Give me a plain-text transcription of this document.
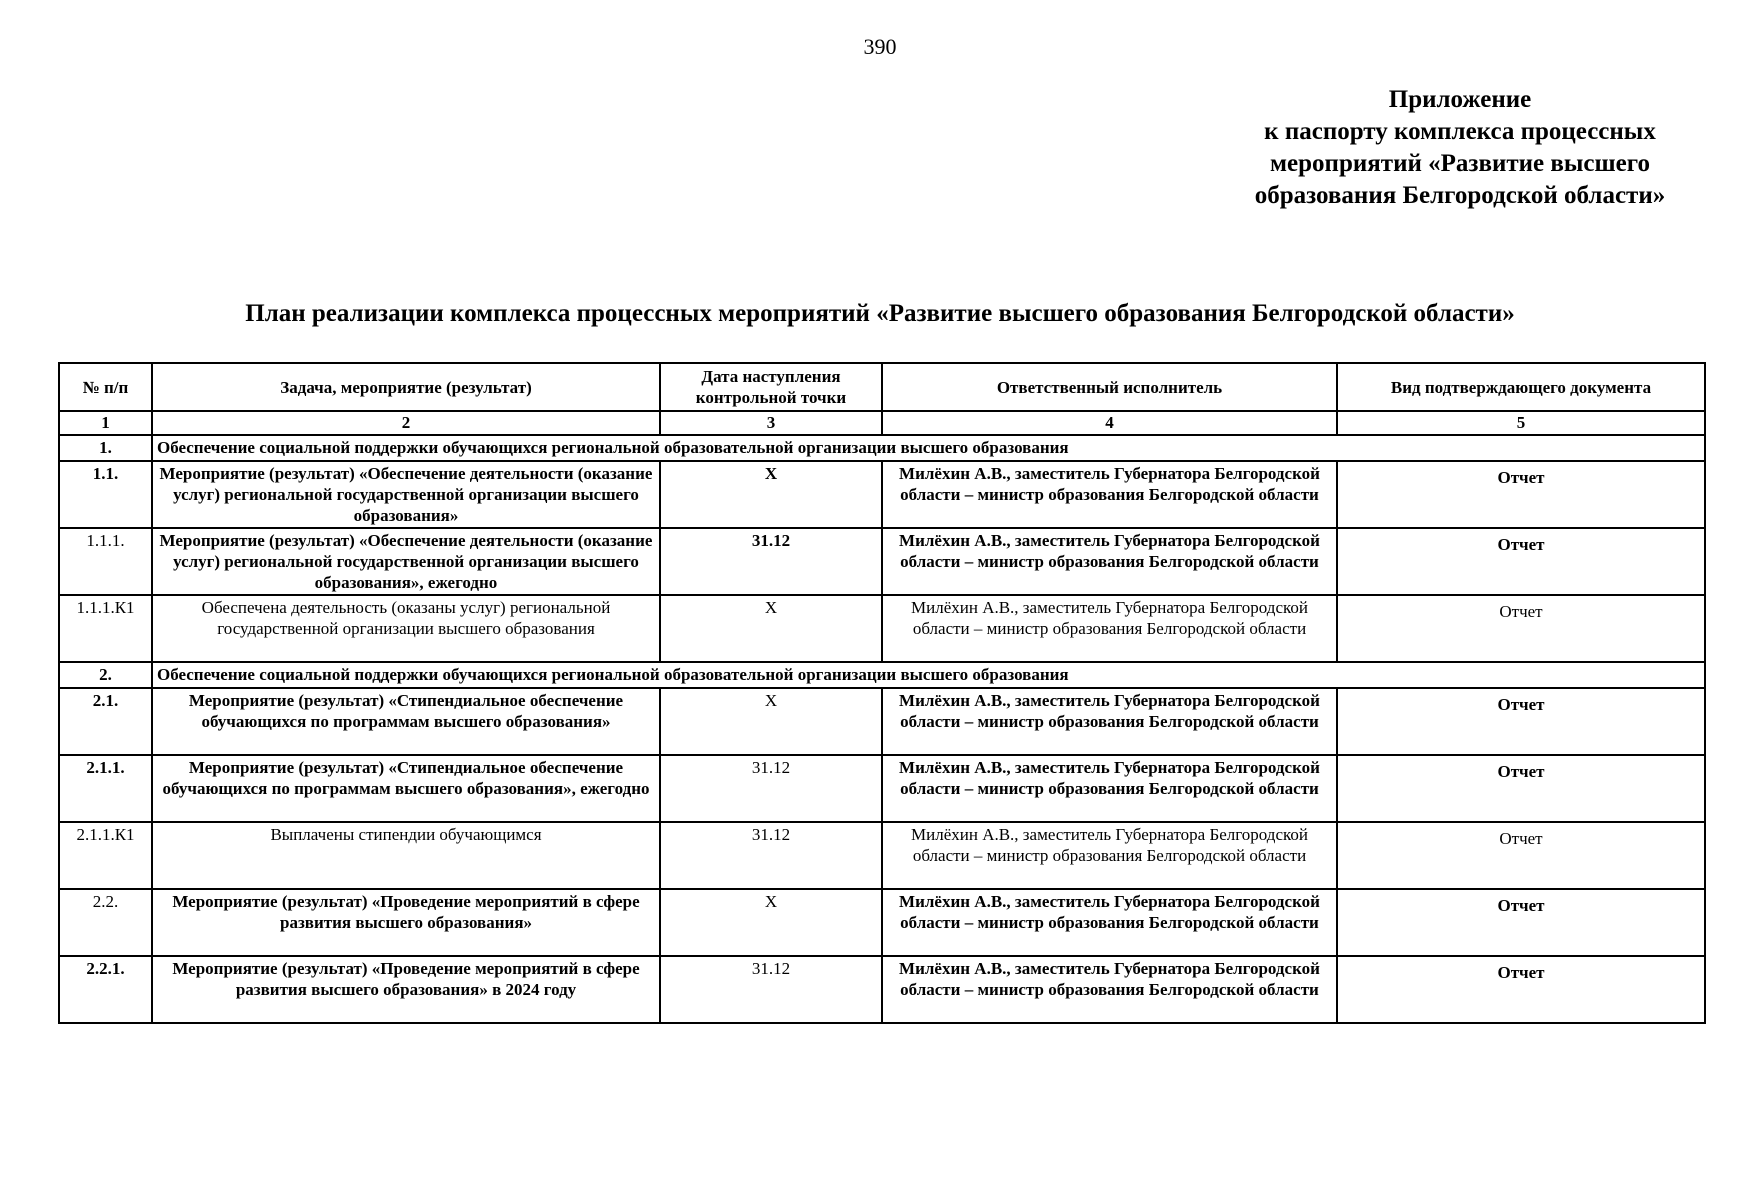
390
Приложение
к паспорту комплекса процессных
мероприятий «Развитие высшего
образования Белгородской области»
План реализации комплекса процессных мероприятий «Развитие высшего образования Белгородской области»
№ п/п	Задача, мероприятие (результат)	Дата наступления контрольной точки	Ответственный исполнитель	Вид подтверждающего документа
1	2	3	4	5
1.	Обеспечение социальной поддержки обучающихся региональной образовательной организации высшего образования			
1.1.	Мероприятие (результат) «Обеспечение деятельности (оказание услуг) региональной государственной организации высшего образования»	X	Милёхин А.В., заместитель Губернатора Белгородской области – министр образования Белгородской области	Отчет

1.1.1.	Мероприятие (результат) «Обеспечение деятельности (оказание услуг) региональной государственной организации высшего образования», ежегодно	31.12	Милёхин А.В., заместитель Губернатора Белгородской области – министр образования Белгородской области	Отчет

1.1.1.К1	Обеспечена деятельность (оказаны услуг) региональной государственной организации высшего образования	X	Милёхин А.В., заместитель Губернатора Белгородской области – министр образования Белгородской области	Отчет

2.	Обеспечение социальной поддержки обучающихся региональной образовательной организации высшего образования			
2.1.	Мероприятие (результат) «Стипендиальное обеспечение обучающихся по программам высшего образования»	X	Милёхин А.В., заместитель Губернатора Белгородской области – министр образования Белгородской области	Отчет

2.1.1.	Мероприятие (результат) «Стипендиальное обеспечение обучающихся по программам высшего образования», ежегодно	31.12	Милёхин А.В., заместитель Губернатора Белгородской области – министр образования Белгородской области	Отчет

2.1.1.К1	Выплачены стипендии обучающимся	31.12	Милёхин А.В., заместитель Губернатора Белгородской области – министр образования Белгородской области	Отчет

2.2.	Мероприятие (результат) «Проведение мероприятий в сфере развития высшего образования»	X	Милёхин А.В., заместитель Губернатора Белгородской области – министр образования Белгородской области	Отчет

2.2.1.	Мероприятие (результат) «Проведение мероприятий в сфере развития высшего образования» в 2024 году	31.12	Милёхин А.В., заместитель Губернатора Белгородской области – министр образования Белгородской области	Отчет
